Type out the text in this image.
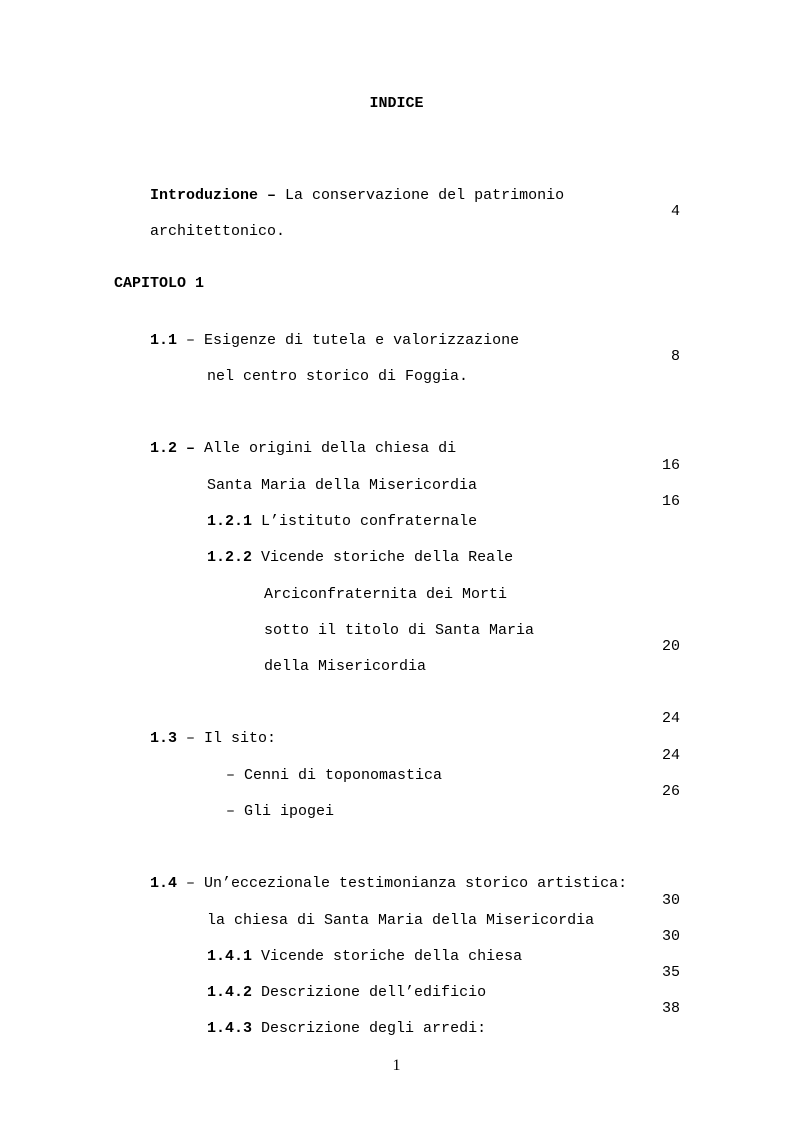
INDICE

Introduzione – La conservazione del patrimonio

architettonico.

4

CAPITOLO 1

1.1 – Esigenze di tutela e valorizzazione

nel centro storico di Foggia.

8

1.2 – Alle origini della chiesa di

Santa Maria della Misericordia

16

1.2.1 L’istituto confraternale

16

1.2.2 Vicende storiche della Reale

Arciconfraternita dei Morti

sotto il titolo di Santa Maria

della Misericordia

20

1.3 – Il sito:

24

– Cenni di toponomastica

24

– Gli ipogei

26

1.4 – Un’eccezionale testimonianza storico artistica:

la chiesa di Santa Maria della Misericordia

30

1.4.1 Vicende storiche della chiesa

30

1.4.2 Descrizione dell’edificio

35

1.4.3 Descrizione degli arredi:

38

1
